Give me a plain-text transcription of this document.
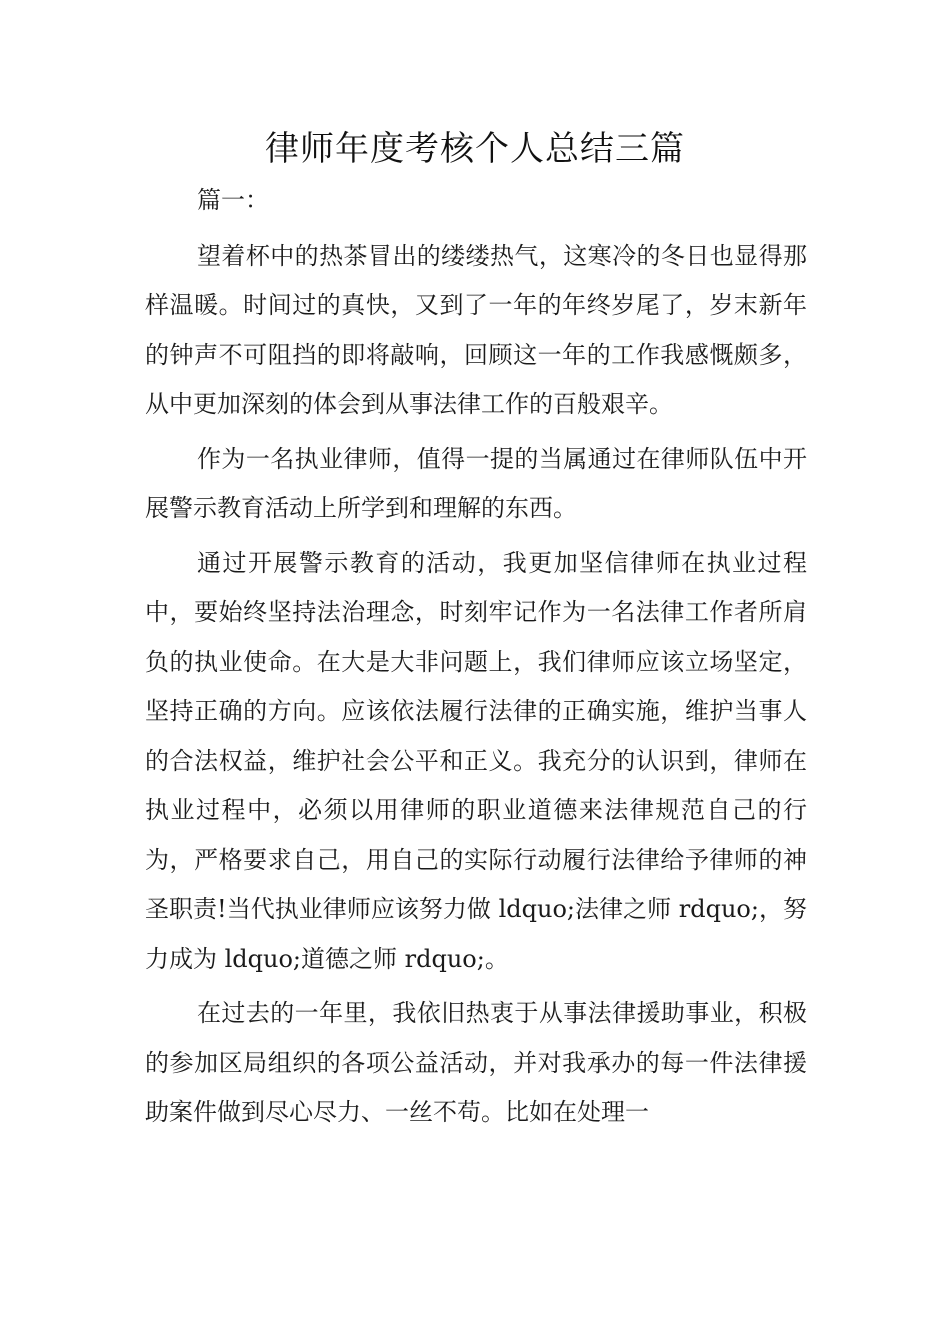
律师年度考核个人总结三篇

篇一：

望着杯中的热茶冒出的缕缕热气，这寒冷的冬日也显得那样温暖。时间过的真快，又到了一年的年终岁尾了，岁末新年的钟声不可阻挡的即将敲响，回顾这一年的工作我感慨颇多，从中更加深刻的体会到从事法律工作的百般艰辛。

作为一名执业律师，值得一提的当属通过在律师队伍中开展警示教育活动上所学到和理解的东西。

通过开展警示教育的活动，我更加坚信律师在执业过程中，要始终坚持法治理念，时刻牢记作为一名法律工作者所肩负的执业使命。在大是大非问题上，我们律师应该立场坚定，坚持正确的方向。应该依法履行法律的正确实施，维护当事人的合法权益，维护社会公平和正义。我充分的认识到，律师在执业过程中，必须以用律师的职业道德来法律规范自己的行为，严格要求自己，用自己的实际行动履行法律给予律师的神圣职责!当代执业律师应该努力做 ldquo;法律之师 rdquo;，努力成为 ldquo;道德之师 rdquo;。

在过去的一年里，我依旧热衷于从事法律援助事业，积极的参加区局组织的各项公益活动，并对我承办的每一件法律援助案件做到尽心尽力、一丝不苟。比如在处理一
